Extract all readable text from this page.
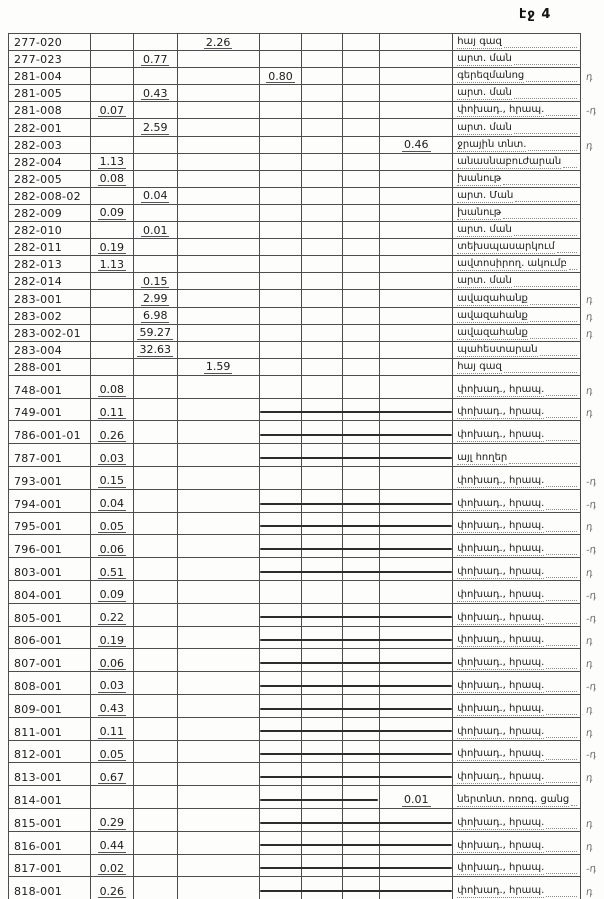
էջ 4
277-020	2.26	հայ գազ
277-023	0.77	արտ. ման
281-004	0.80	գերեզմանոց	դ
281-005	0.43	արտ. ման
281-008	0.07	փոխադ., հրապ.	-դ
282-001	2.59	արտ. ման
282-003	0.46	ջրային տնտ.	դ
282-004	1.13	անասնաբուժարան
282-005	0.08	խանութ
282-008-02	0.04	արտ. Ման
282-009	0.09	խանութ
282-010	0.01	արտ. ման
282-011	0.19	տեխսպասարկում
282-013	1.13	ավտոսիրող. ակումբ
282-014	0.15	արտ. ման
283-001	2.99	ավազահանք	դ
283-002	6.98	ավազահանք	դ
283-002-01	59.27	ավազահանք	դ
283-004	32.63	պահեստարան
288-001	1.59	հայ գազ
748-001	0.08	փոխադ., հրապ.	դ
749-001	0.11	փոխադ., հրապ.	դ
786-001-01	0.26	փոխադ., հրապ.
787-001	0.03	այլ հողեր
793-001	0.15	փոխադ., հրապ.	-դ
794-001	0.04	փոխադ., հրապ.	-դ
795-001	0.05	փոխադ., հրապ.	դ
796-001	0.06	փոխադ., հրապ.	-դ
803-001	0.51	փոխադ., հրապ.	դ
804-001	0.09	փոխադ., հրապ.	-դ
805-001	0.22	փոխադ., հրապ.	-դ
806-001	0.19	փոխադ., հրապ.	դ
807-001	0.06	փոխադ., հրապ.	դ
808-001	0.03	փոխադ., հրապ.	-դ
809-001	0.43	փոխադ., հրապ.	դ
811-001	0.11	փոխադ., հրապ.	դ
812-001	0.05	փոխադ., հրապ.	-դ
813-001	0.67	փոխադ., հրապ.	դ
814-001	0.01	ներտնտ. ոռոգ. ցանց
815-001	0.29	փոխադ., հրապ.	դ
816-001	0.44	փոխադ., հրապ.	դ
817-001	0.02	փոխադ., հրապ.	-դ
818-001	0.26	փոխադ., հրապ.	դ
